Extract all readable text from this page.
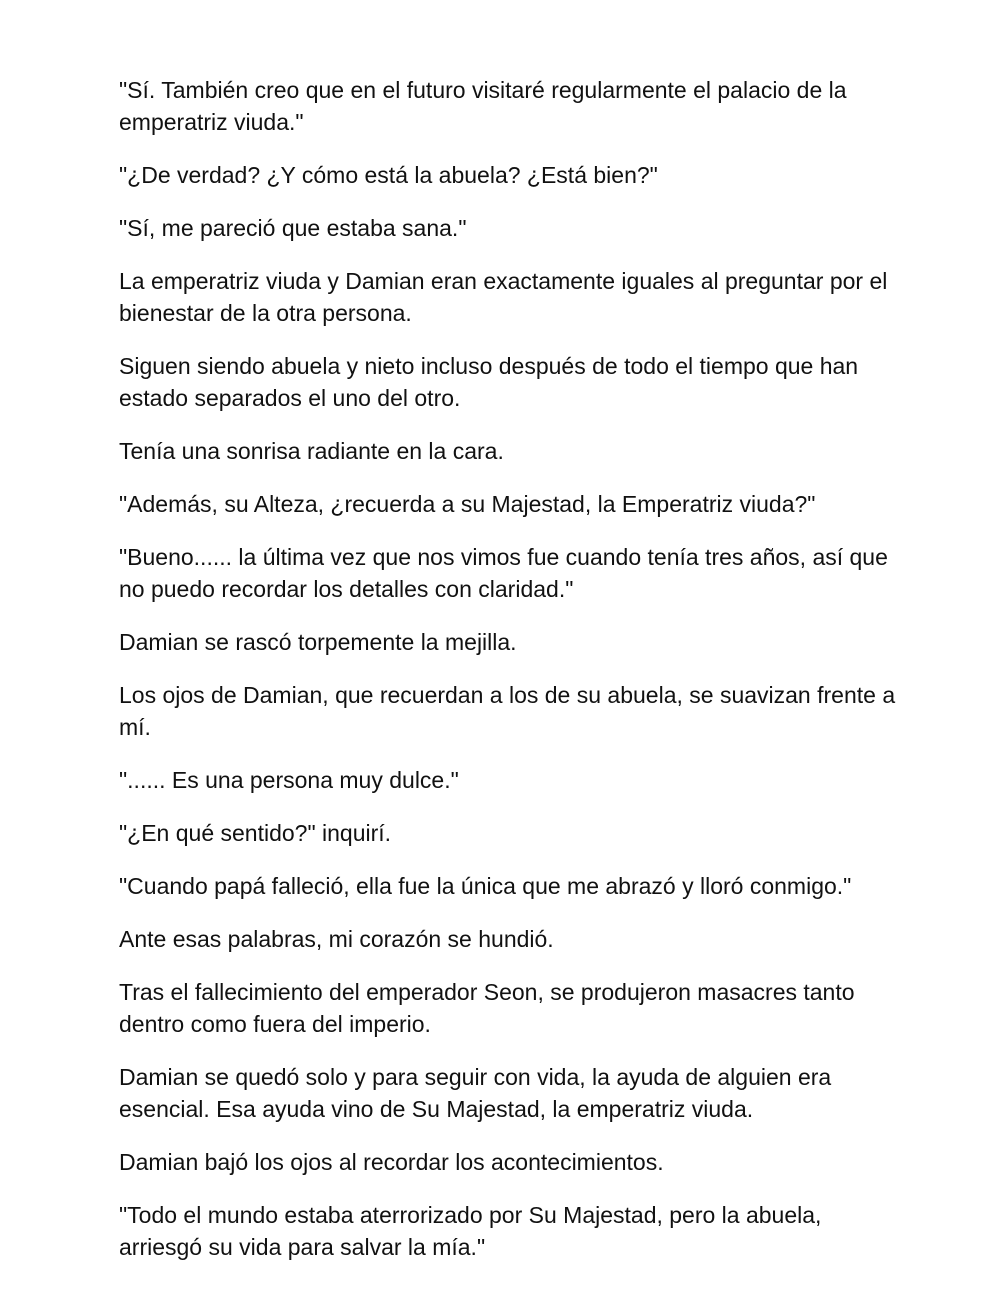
"Sí. También creo que en el futuro visitaré regularmente el palacio de la emperatriz viuda."

"¿De verdad? ¿Y cómo está la abuela? ¿Está bien?"

"Sí, me pareció que estaba sana."

La emperatriz viuda y Damian eran exactamente iguales al preguntar por el bienestar de la otra persona.

Siguen siendo abuela y nieto incluso después de todo el tiempo que han estado separados el uno del otro.

Tenía una sonrisa radiante en la cara.

"Además, su Alteza, ¿recuerda a su Majestad, la Emperatriz viuda?"

"Bueno...... la última vez que nos vimos fue cuando tenía tres años, así que no puedo recordar los detalles con claridad."

Damian se rascó torpemente la mejilla.

Los ojos de Damian, que recuerdan a los de su abuela, se suavizan frente a mí.

"...... Es una persona muy dulce."

"¿En qué sentido?" inquirí.

"Cuando papá falleció, ella fue la única que me abrazó y lloró conmigo."

Ante esas palabras, mi corazón se hundió.

Tras el fallecimiento del emperador Seon, se produjeron masacres tanto dentro como fuera del imperio.

Damian se quedó solo y para seguir con vida, la ayuda de alguien era esencial. Esa ayuda vino de Su Majestad, la emperatriz viuda.

Damian bajó los ojos al recordar los acontecimientos.

"Todo el mundo estaba aterrorizado por Su Majestad, pero la abuela, arriesgó su vida para salvar la mía."
